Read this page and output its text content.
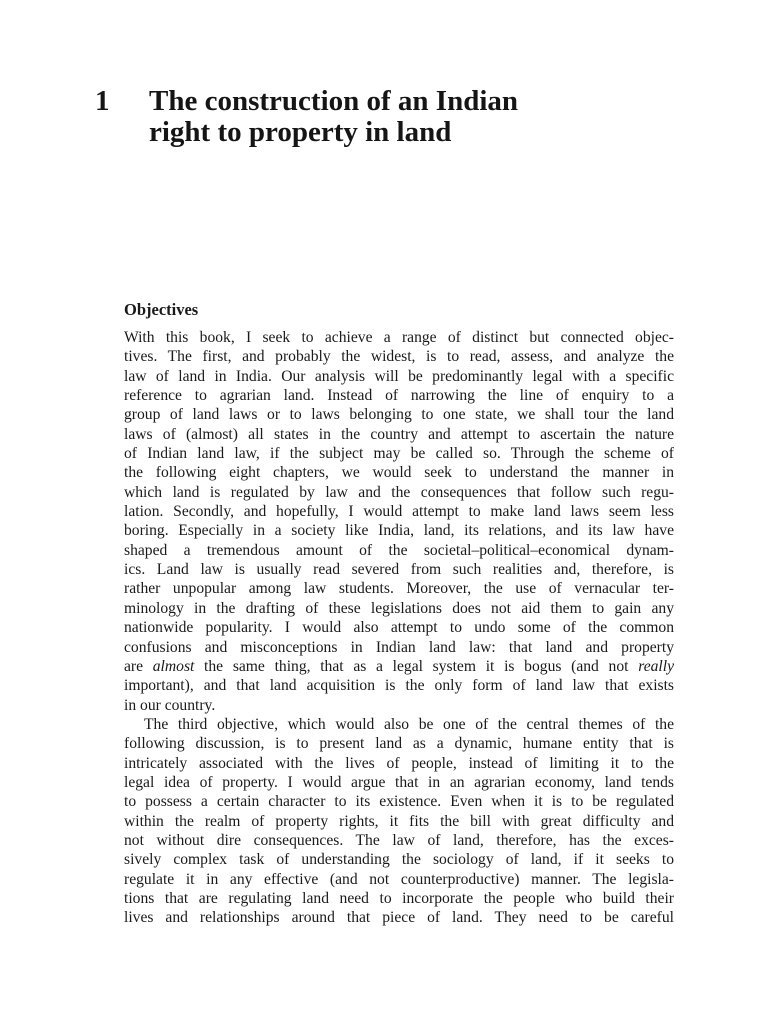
1 The construction of an Indian
right to property in land
Objectives
With this book, I seek to achieve a range of distinct but connected objec-
tives. The first, and probably the widest, is to read, assess, and analyze the
law of land in India. Our analysis will be predominantly legal with a specific
reference to agrarian land. Instead of narrowing the line of enquiry to a
group of land laws or to laws belonging to one state, we shall tour the land
laws of (almost) all states in the country and attempt to ascertain the nature
of Indian land law, if the subject may be called so. Through the scheme of
the following eight chapters, we would seek to understand the manner in
which land is regulated by law and the consequences that follow such regu-
lation. Secondly, and hopefully, I would attempt to make land laws seem less
boring. Especially in a society like India, land, its relations, and its law have
shaped a tremendous amount of the societal–political–economical dynam-
ics. Land law is usually read severed from such realities and, therefore, is
rather unpopular among law students. Moreover, the use of vernacular ter-
minology in the drafting of these legislations does not aid them to gain any
nationwide popularity. I would also attempt to undo some of the common
confusions and misconceptions in Indian land law: that land and property
are almost the same thing, that as a legal system it is bogus (and not really
important), and that land acquisition is the only form of land law that exists
in our country.
The third objective, which would also be one of the central themes of the
following discussion, is to present land as a dynamic, humane entity that is
intricately associated with the lives of people, instead of limiting it to the
legal idea of property. I would argue that in an agrarian economy, land tends
to possess a certain character to its existence. Even when it is to be regulated
within the realm of property rights, it fits the bill with great difficulty and
not without dire consequences. The law of land, therefore, has the exces-
sively complex task of understanding the sociology of land, if it seeks to
regulate it in any effective (and not counterproductive) manner. The legisla-
tions that are regulating land need to incorporate the people who build their
lives and relationships around that piece of land. They need to be careful
